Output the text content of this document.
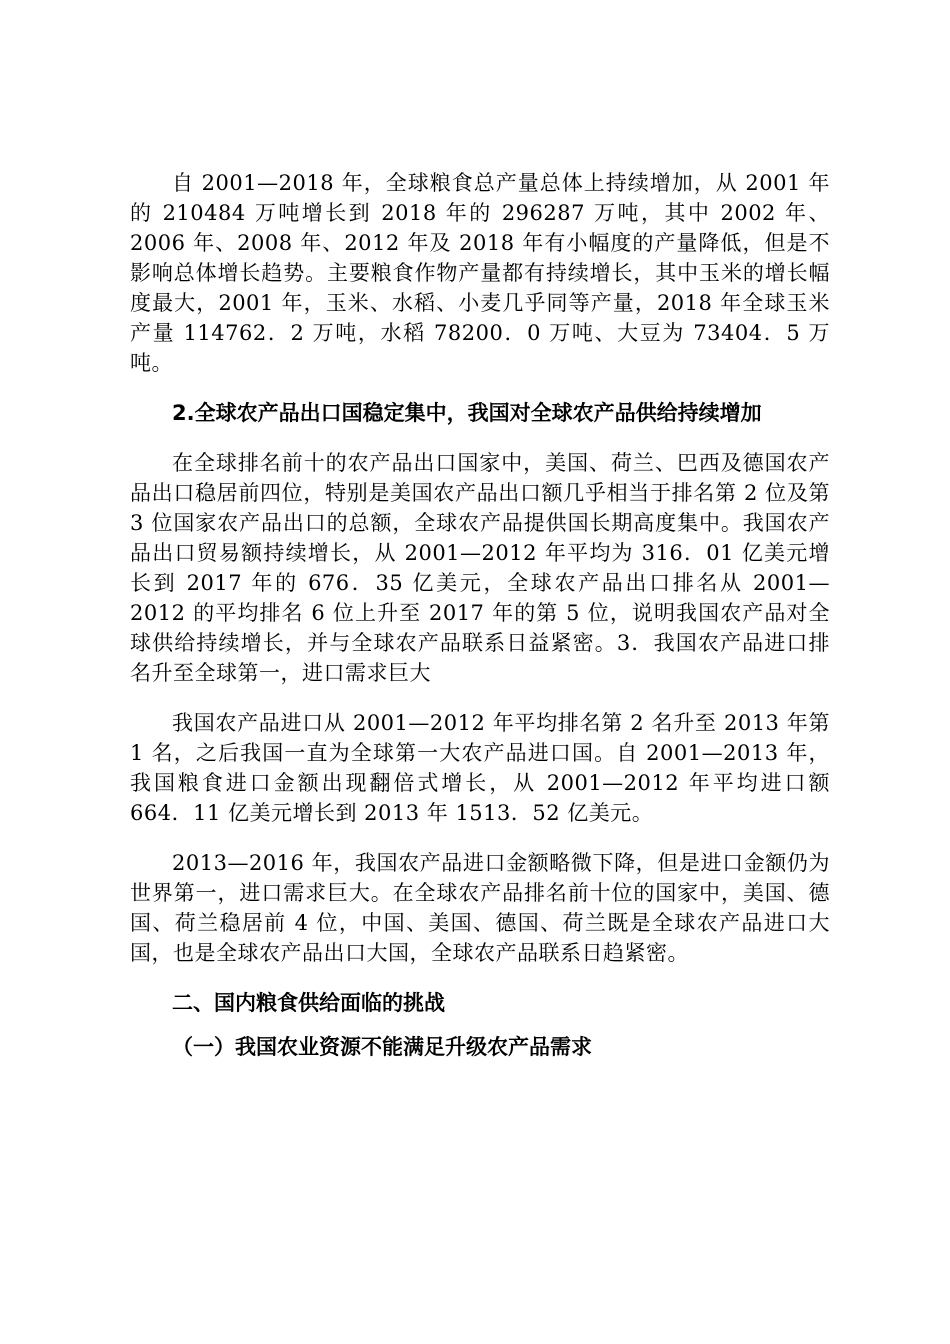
自 2001—2018 年，全球粮食总产量总体上持续增加，从 2001 年的 210484 万吨增长到 2018 年的 296287 万吨，其中 2002 年、2006 年、2008 年、2012 年及 2018 年有小幅度的产量降低，但是不影响总体增长趋势。主要粮食作物产量都有持续增长，其中玉米的增长幅度最大，2001 年，玉米、水稻、小麦几乎同等产量，2018 年全球玉米产量 114762．2 万吨，水稻 78200．0 万吨、大豆为 73404．5 万吨。

2.全球农产品出口国稳定集中，我国对全球农产品供给持续增加

在全球排名前十的农产品出口国家中，美国、荷兰、巴西及德国农产品出口稳居前四位，特别是美国农产品出口额几乎相当于排名第 2 位及第 3 位国家农产品出口的总额，全球农产品提供国长期高度集中。我国农产品出口贸易额持续增长，从 2001—2012 年平均为 316．01 亿美元增长到 2017 年的 676．35 亿美元，全球农产品出口排名从 2001—2012 的平均排名 6 位上升至 2017 年的第 5 位，说明我国农产品对全球供给持续增长，并与全球农产品联系日益紧密。3．我国农产品进口排名升至全球第一，进口需求巨大

我国农产品进口从 2001—2012 年平均排名第 2 名升至 2013 年第 1 名，之后我国一直为全球第一大农产品进口国。自 2001—2013 年，我国粮食进口金额出现翻倍式增长，从 2001—2012 年平均进口额 664．11 亿美元增长到 2013 年 1513．52 亿美元。

2013—2016 年，我国农产品进口金额略微下降，但是进口金额仍为世界第一，进口需求巨大。在全球农产品排名前十位的国家中，美国、德国、荷兰稳居前 4 位，中国、美国、德国、荷兰既是全球农产品进口大国，也是全球农产品出口大国，全球农产品联系日趋紧密。

二、国内粮食供给面临的挑战

（一）我国农业资源不能满足升级农产品需求
